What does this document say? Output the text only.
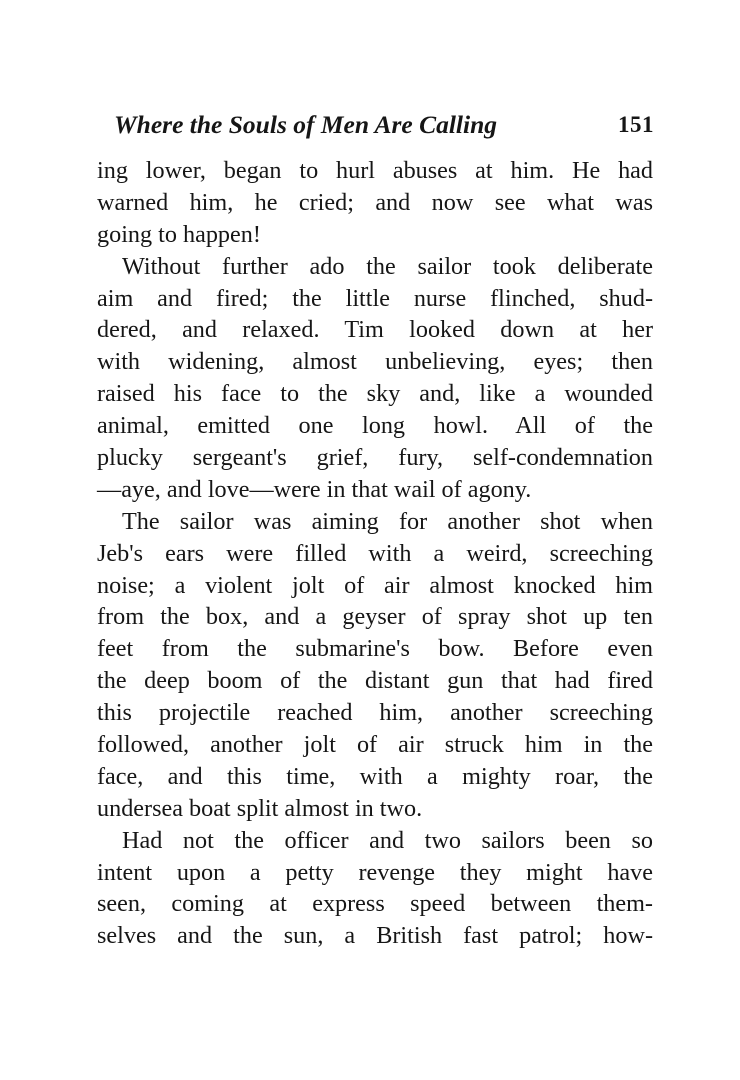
Where the Souls of Men Are Calling	151
ing lower, began to hurl abuses at him. He had
warned him, he cried; and now see what was
going to happen!
Without further ado the sailor took deliberate
aim and fired; the little nurse flinched, shud-
dered, and relaxed. Tim looked down at her
with widening, almost unbelieving, eyes; then
raised his face to the sky and, like a wounded
animal, emitted one long howl. All of the
plucky sergeant's grief, fury, self-condemnation
—aye, and love—were in that wail of agony.
The sailor was aiming for another shot when
Jeb's ears were filled with a weird, screeching
noise; a violent jolt of air almost knocked him
from the box, and a geyser of spray shot up ten
feet from the submarine's bow. Before even
the deep boom of the distant gun that had fired
this projectile reached him, another screeching
followed, another jolt of air struck him in the
face, and this time, with a mighty roar, the
undersea boat split almost in two.
Had not the officer and two sailors been so
intent upon a petty revenge they might have
seen, coming at express speed between them-
selves and the sun, a British fast patrol; how-
